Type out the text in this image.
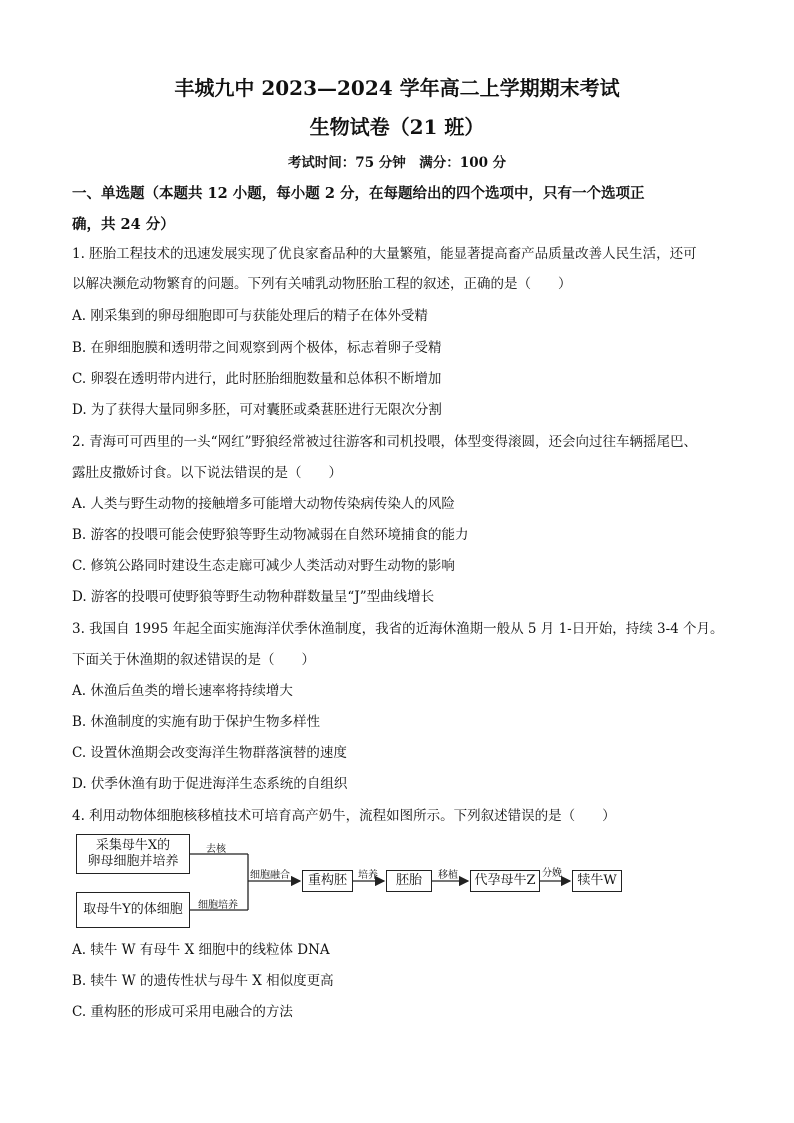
丰城九中 2023—2024 学年高二上学期期末考试
生物试卷（21 班）
考试时间：75 分钟　满分：100 分
一、单选题（本题共 12 小题，每小题 2 分，在每题给出的四个选项中，只有一个选项正
确，共 24 分）
1. 胚胎工程技术的迅速发展实现了优良家畜品种的大量繁殖，能显著提高畜产品质量改善人民生活，还可
以解决濒危动物繁育的问题。下列有关哺乳动物胚胎工程的叙述，正确的是（　　）
A. 刚采集到的卵母细胞即可与获能处理后的精子在体外受精
B. 在卵细胞膜和透明带之间观察到两个极体，标志着卵子受精
C. 卵裂在透明带内进行，此时胚胎细胞数量和总体积不断增加
D. 为了获得大量同卵多胚，可对囊胚或桑葚胚进行无限次分割
2. 青海可可西里的一头“网红”野狼经常被过往游客和司机投喂，体型变得滚圆，还会向过往车辆摇尾巴、
露肚皮撒娇讨食。以下说法错误的是（　　）
A. 人类与野生动物的接触增多可能增大动物传染病传染人的风险
B. 游客的投喂可能会使野狼等野生动物减弱在自然环境捕食的能力
C. 修筑公路同时建设生态走廊可减少人类活动对野生动物的影响
D. 游客的投喂可使野狼等野生动物种群数量呈“J”型曲线增长
3. 我国自 1995 年起全面实施海洋伏季休渔制度，我省的近海休渔期一般从 5 月 1-日开始，持续 3-4 个月。
下面关于休渔期的叙述错误的是（　　）
A. 休渔后鱼类的增长速率将持续增大
B. 休渔制度的实施有助于保护生物多样性
C. 设置休渔期会改变海洋生物群落演替的速度
D. 伏季休渔有助于促进海洋生态系统的自组织
4. 利用动物体细胞核移植技术可培育高产奶牛，流程如图所示。下列叙述错误的是（　　）
采集母牛X的
卵母细胞并培养
取母牛Y的体细胞
重构胚	胚胎	代孕母牛Z	犊牛W
去核
细胞培养
细胞融合	培养	移植	分娩
A. 犊牛 W 有母牛 X 细胞中的线粒体 DNA
B. 犊牛 W 的遗传性状与母牛 X 相似度更高
C. 重构胚的形成可采用电融合的方法
